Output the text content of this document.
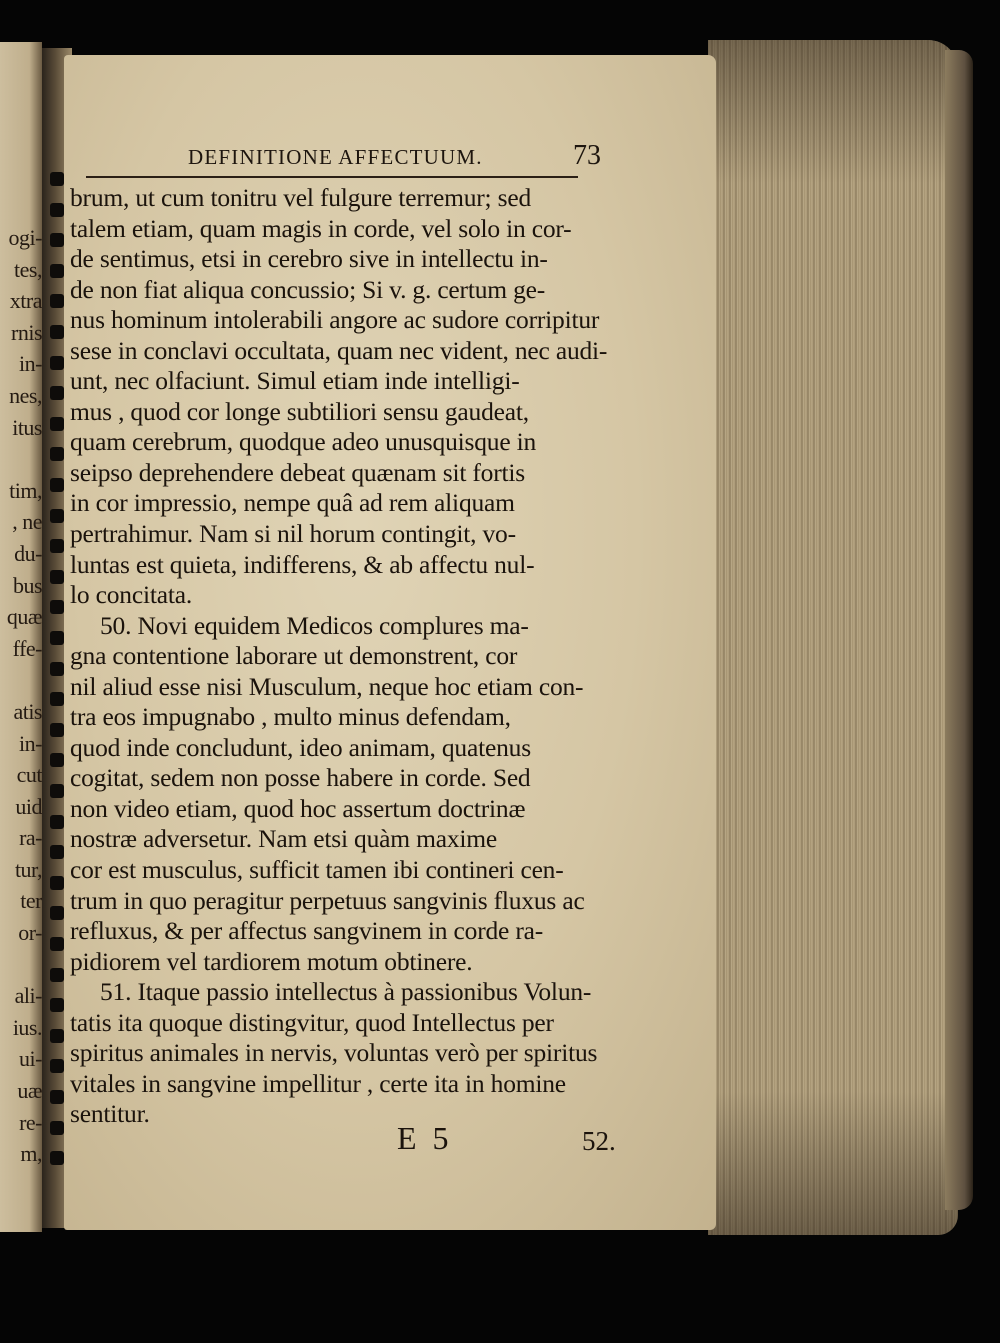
ogi-
tes,
xtra
rnis
in-
nes,
itus
tim,
, ne
du-
bus
quæ
ffe-
atis
in-
cut
uid
ra-
tur,
ter
or-
ali-
ius.
ui-
uæ
re-
m,
DEFINITIONE AFFECTUUM.	73
brum, ut cum tonitru vel fulgure terremur; sed
talem etiam, quam magis in corde, vel solo in cor-
de sentimus, etsi in cerebro sive in intellectu in-
de non fiat aliqua concussio; Si v. g. certum ge-
nus hominum intolerabili angore ac sudore corripitur
sese in conclavi occultata, quam nec vident, nec audi-
unt, nec olfaciunt. Simul etiam inde intelligi-
mus , quod cor longe subtiliori sensu gaudeat,
quam cerebrum, quodque adeo unusquisque in
seipso deprehendere debeat quænam sit fortis
in cor impressio, nempe quâ ad rem aliquam
pertrahimur. Nam si nil horum contingit, vo-
luntas est quieta, indifferens, & ab affectu nul-
lo concitata.
50. Novi equidem Medicos complures ma-
gna contentione laborare ut demonstrent, cor
nil aliud esse nisi Musculum, neque hoc etiam con-
tra eos impugnabo , multo minus defendam,
quod inde concludunt, ideo animam, quatenus
cogitat, sedem non posse habere in corde. Sed
non video etiam, quod hoc assertum doctrinæ
nostræ adversetur. Nam etsi quàm maxime
cor est musculus, sufficit tamen ibi contineri cen-
trum in quo peragitur perpetuus sangvinis fluxus ac
refluxus, & per affectus sangvinem in corde ra-
pidiorem vel tardiorem motum obtinere.
51. Itaque passio intellectus à passionibus Volun-
tatis ita quoque distingvitur, quod Intellectus per
spiritus animales in nervis, voluntas verò per spiritus
vitales in sangvine impellitur , certe ita in homine
sentitur.
E 5	52.
